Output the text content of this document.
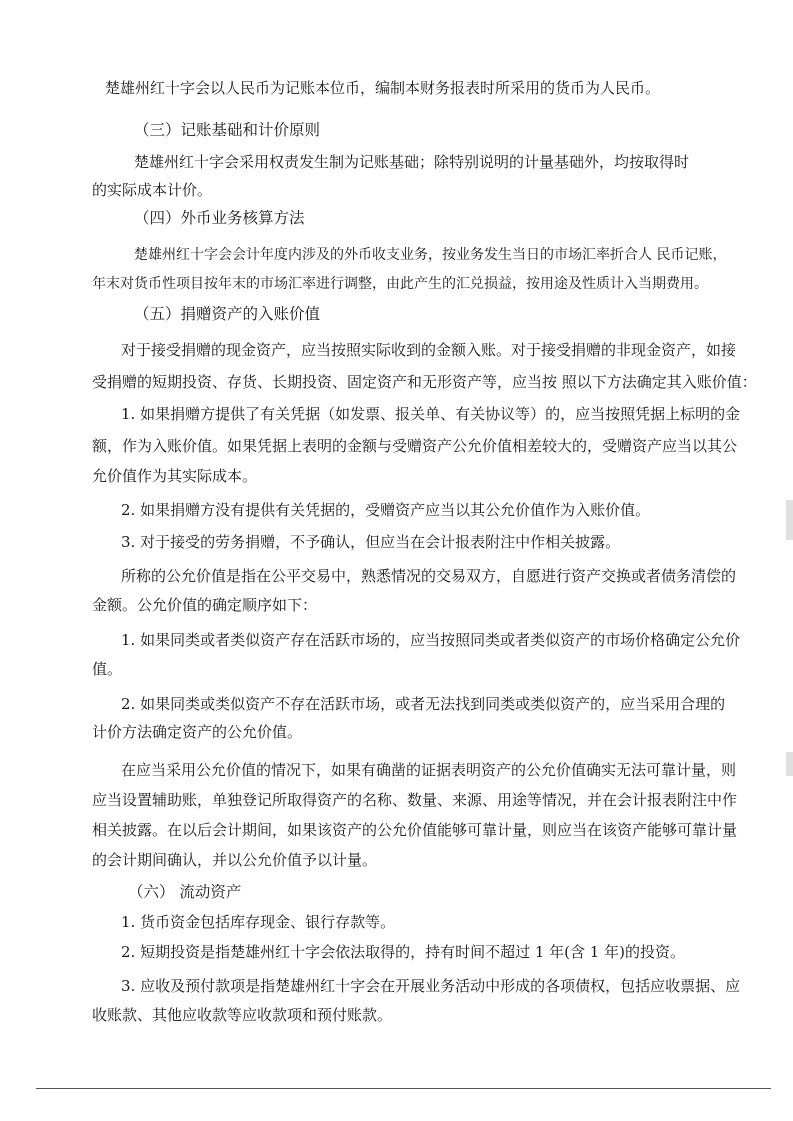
楚雄州红十字会以人民币为记账本位币，编制本财务报表时所采用的货币为人民币。
（三）记账基础和计价原则
楚雄州红十字会采用权责发生制为记账基础；除特别说明的计量基础外，均按取得时
的实际成本计价。
（四）外币业务核算方法
楚雄州红十字会会计年度内涉及的外币收支业务，按业务发生当日的市场汇率折合人 民币记账，
年末对货币性项目按年末的市场汇率进行调整，由此产生的汇兑损益，按用途及性质计入当期费用。
（五）捐赠资产的入账价值
对于接受捐赠的现金资产，应当按照实际收到的金额入账。对于接受捐赠的非现金资产，如接
受捐赠的短期投资、存货、长期投资、固定资产和无形资产等，应当按 照以下方法确定其入账价值：
1. 如果捐赠方提供了有关凭据（如发票、报关单、有关协议等）的，应当按照凭据上标明的金
额，作为入账价值。如果凭据上表明的金额与受赠资产公允价值相差较大的，受赠资产应当以其公
允价值作为其实际成本。
2. 如果捐赠方没有提供有关凭据的，受赠资产应当以其公允价值作为入账价值。
3. 对于接受的劳务捐赠，不予确认，但应当在会计报表附注中作相关披露。
所称的公允价值是指在公平交易中，熟悉情况的交易双方，自愿进行资产交换或者债务清偿的
金额。公允价值的确定顺序如下：
1. 如果同类或者类似资产存在活跃市场的，应当按照同类或者类似资产的市场价格确定公允价
值。
2. 如果同类或类似资产不存在活跃市场，或者无法找到同类或类似资产的，应当采用合理的
计价方法确定资产的公允价值。
在应当采用公允价值的情况下，如果有确凿的证据表明资产的公允价值确实无法可靠计量，则
应当设置辅助账，单独登记所取得资产的名称、数量、来源、用途等情况，并在会计报表附注中作
相关披露。在以后会计期间，如果该资产的公允价值能够可靠计量，则应当在该资产能够可靠计量
的会计期间确认，并以公允价值予以计量。
（六） 流动资产
1. 货币资金包括库存现金、银行存款等。
2. 短期投资是指楚雄州红十字会依法取得的，持有时间不超过 1 年(含 1 年)的投资。
3. 应收及预付款项是指楚雄州红十字会在开展业务活动中形成的各项债权，包括应收票据、应
收账款、其他应收款等应收款项和预付账款。
